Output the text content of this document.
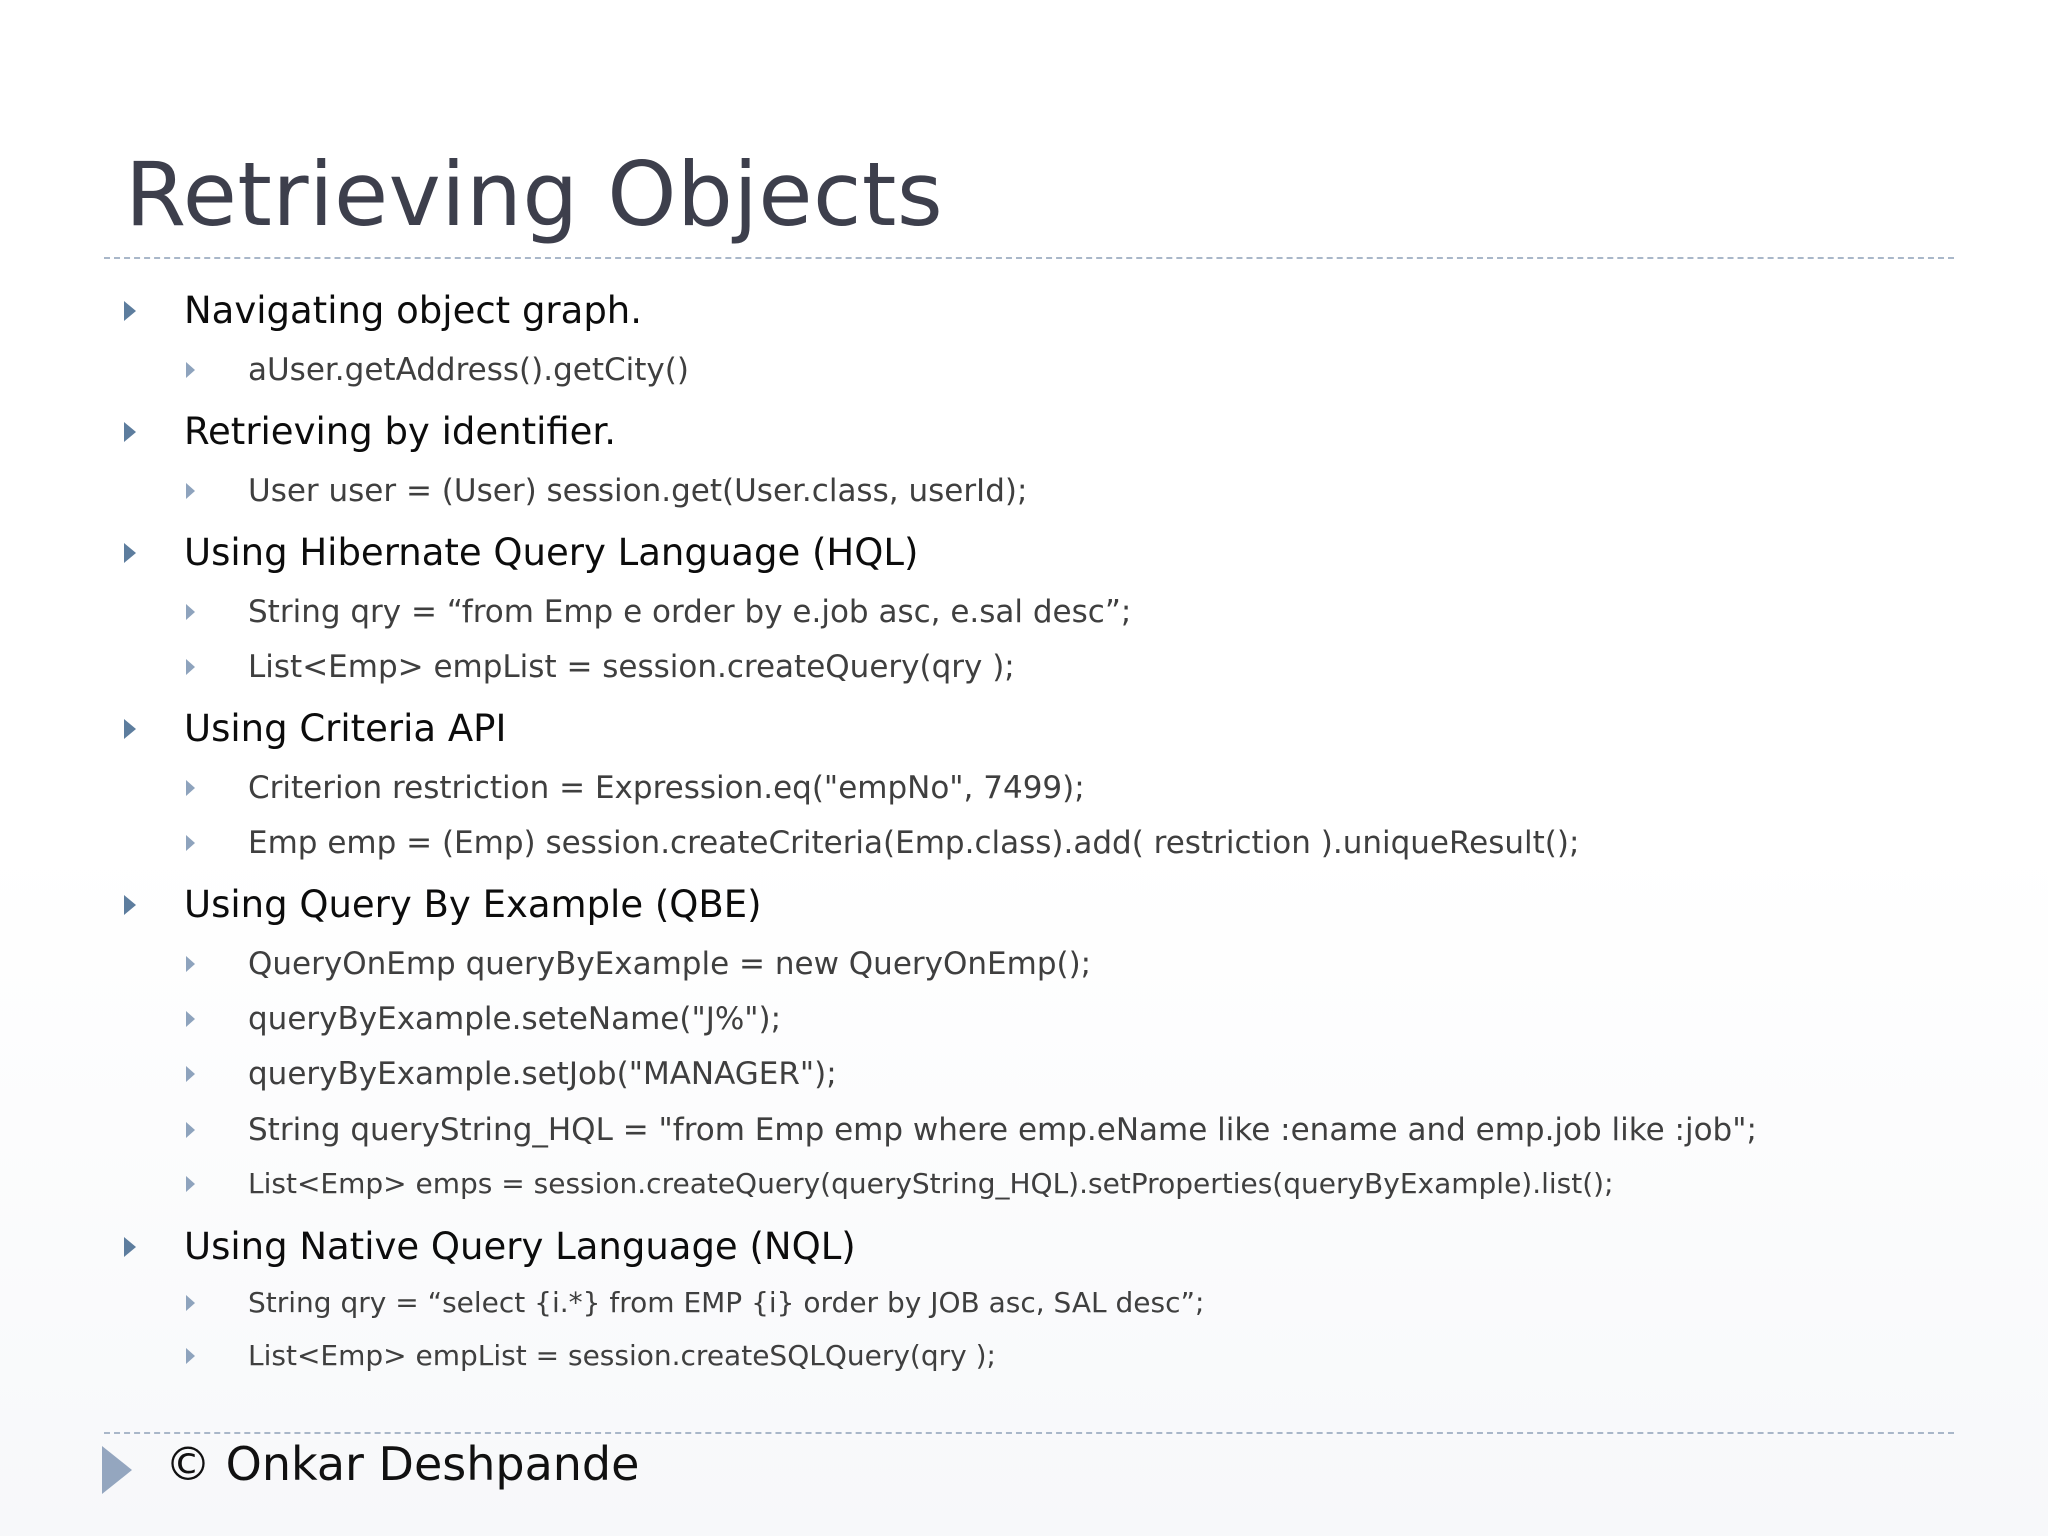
Retrieving Objects
Navigating object graph.
aUser.getAddress().getCity()
Retrieving by identifier.
User user = (User) session.get(User.class, userId);
Using Hibernate Query Language (HQL)
String qry = “from Emp e order by e.job asc, e.sal desc”;
List<Emp> empList = session.createQuery(qry );
Using Criteria API
Criterion restriction = Expression.eq("empNo", 7499);
Emp emp = (Emp) session.createCriteria(Emp.class).add( restriction ).uniqueResult();
Using Query By Example (QBE)
QueryOnEmp queryByExample = new QueryOnEmp();
queryByExample.seteName("J%");
queryByExample.setJob("MANAGER");
String queryString_HQL = "from Emp emp where emp.eName like :ename and emp.job like :job";
List<Emp> emps = session.createQuery(queryString_HQL).setProperties(queryByExample).list();
Using Native Query Language (NQL)
String qry = “select {i.*} from EMP {i} order by JOB asc, SAL desc”;
List<Emp> empList = session.createSQLQuery(qry );
© Onkar Deshpande
